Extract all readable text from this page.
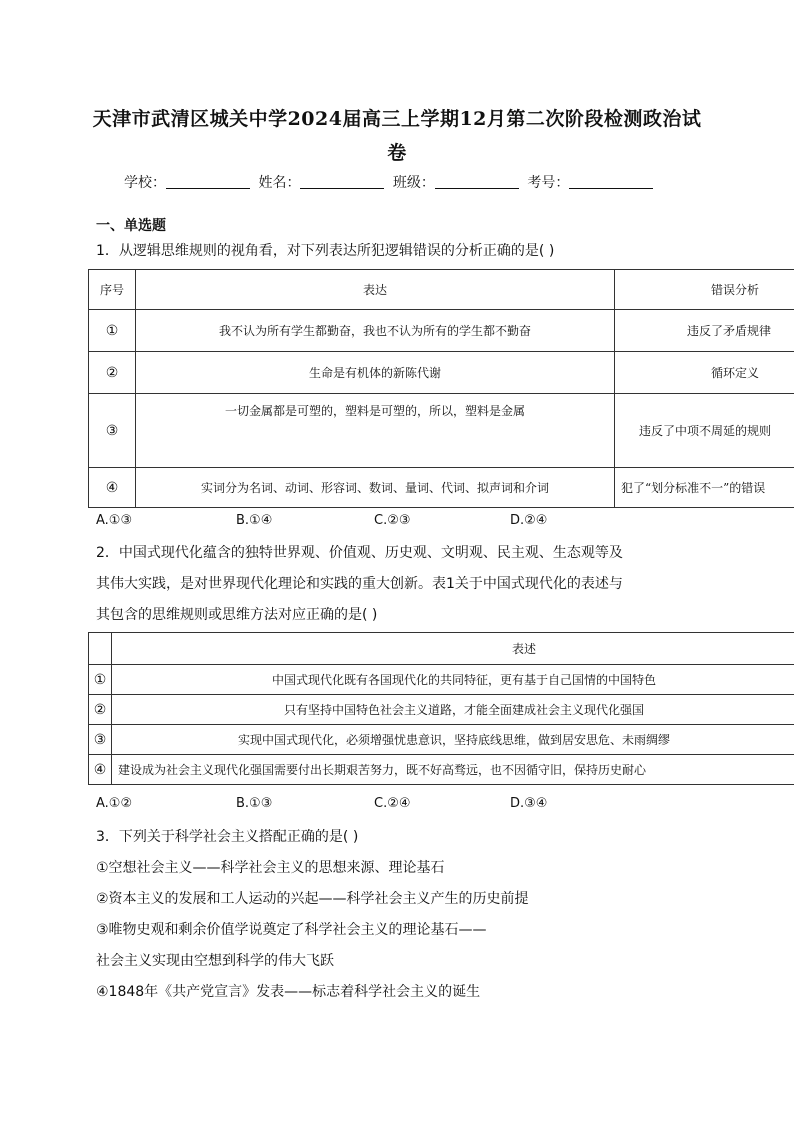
天津市武清区城关中学2024届高三上学期12月第二次阶段检测政治试
卷
学校：	姓名：	班级：	考号：
一、单选题
1．从逻辑思维规则的视角看，对下列表达所犯逻辑错误的分析正确的是( )
序号	表达	错误分析
①	我不认为所有学生都勤奋，我也不认为所有的学生都不勤奋	违反了矛盾规律
②	生命是有机体的新陈代谢	循环定义
③	一切金属都是可塑的，塑料是可塑的，所以，塑料是金属	违反了中项不周延的规则
④	实词分为名词、动词、形容词、数词、量词、代词、拟声词和介词	犯了“划分标准不一”的错误
A.①③	B.①④	C.②③	D.②④
2．中国式现代化蕴含的独特世界观、价值观、历史观、文明观、民主观、生态观等及
其伟大实践，是对世界现代化理论和实践的重大创新。表1关于中国式现代化的表述与
其包含的思维规则或思维方法对应正确的是( )
	表述
①	中国式现代化既有各国现代化的共同特征，更有基于自己国情的中国特色
②	只有坚持中国特色社会主义道路，才能全面建成社会主义现代化强国
③	实现中国式现代化，必须增强忧患意识，坚持底线思维，做到居安思危、未雨绸缪
④	建设成为社会主义现代化强国需要付出长期艰苦努力，既不好高骛远，也不因循守旧，保持历史耐心
A.①②	B.①③	C.②④	D.③④
3．下列关于科学社会主义搭配正确的是( )
①空想社会主义——科学社会主义的思想来源、理论基石
②资本主义的发展和工人运动的兴起——科学社会主义产生的历史前提
③唯物史观和剩余价值学说奠定了科学社会主义的理论基石——
社会主义实现由空想到科学的伟大飞跃
④1848年《共产党宣言》发表——标志着科学社会主义的诞生
